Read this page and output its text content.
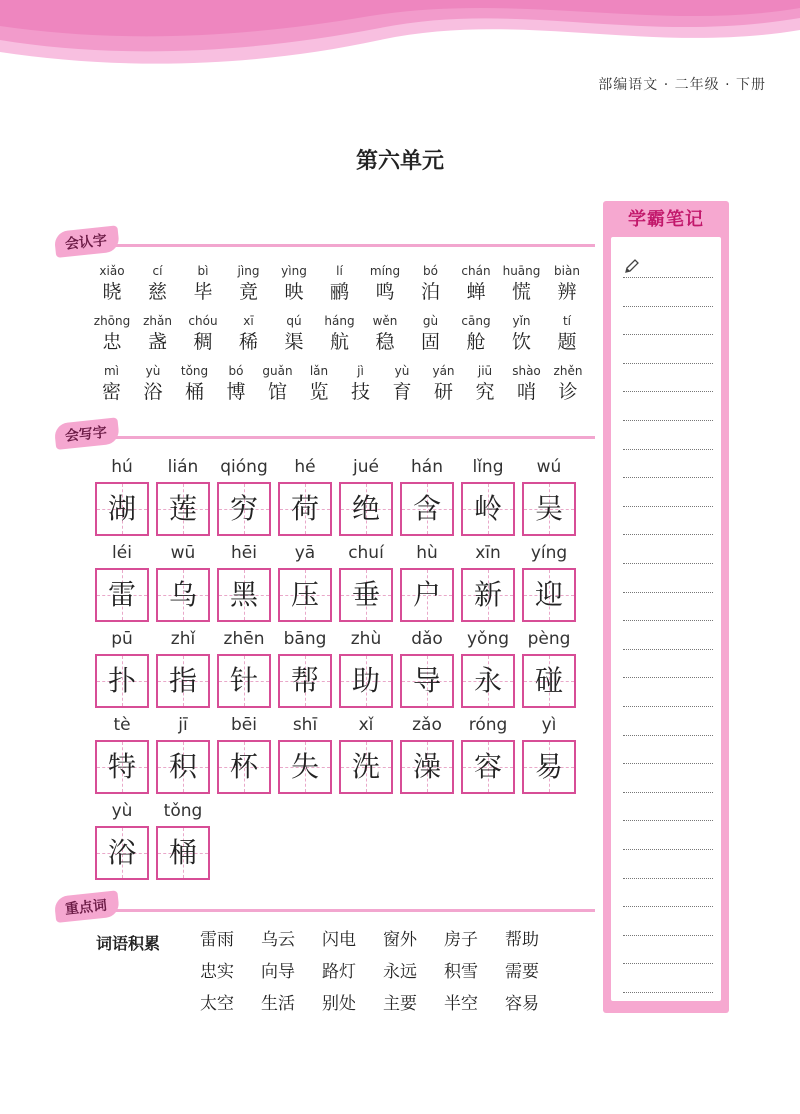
部编语文 · 二年级 · 下册
第六单元
会认字
xiǎo
晓
cí
慈
bì
毕
jìng
竟
yìng
映
lí
鹂
míng
鸣
bó
泊
chán
蝉
huāng
慌
biàn
辨
zhōng
忠
zhǎn
盏
chóu
稠
xī
稀
qú
渠
háng
航
wěn
稳
gù
固
cāng
舱
yǐn
饮
tí
题
mì
密
yù
浴
tǒng
桶
bó
博
guǎn
馆
lǎn
览
jì
技
yù
育
yán
研
jiū
究
shào
哨
zhěn
诊
会写字
hú
湖
lián
莲
qióng
穷
hé
荷
jué
绝
hán
含
lǐng
岭
wú
吴
léi
雷
wū
乌
hēi
黑
yā
压
chuí
垂
hù
户
xīn
新
yíng
迎
pū
扑
zhǐ
指
zhēn
针
bāng
帮
zhù
助
dǎo
导
yǒng
永
pèng
碰
tè
特
jī
积
bēi
杯
shī
失
xǐ
洗
zǎo
澡
róng
容
yì
易
yù
浴
tǒng
桶
重点词
词语积累 雷雨 乌云 闪电 窗外 房子 帮助
忠实 向导 路灯 永远 积雪 需要
太空 生活 别处 主要 半空 容易
学霸笔记
